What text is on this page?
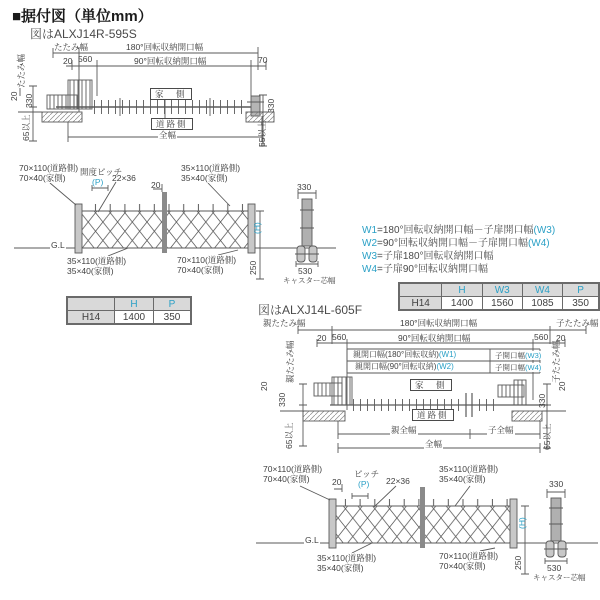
■据付図（単位mm）
図はALXJ14R-595S
たたみ幅	180°回転収納開口幅
20 560	90°回転収納開口幅	70
家　側
道路側
全幅
たたみ幅
20 330
65以上
330
65以上
70×110(道路側)
70×40(家側)
開度ピッチ
(P) 22×36
20
35×110(道路側)
35×40(家側)
330
G.L
35×110(道路側)
35×40(家側)
70×110(道路側)
70×40(家側)
(H)
250	530
キャスター芯幅
	H	P
H14	1400	350
W1=180°回転収納開口幅－子扉開口幅(W3)
W2=90°回転収納開口幅－子扉開口幅(W4)
W3=子扉180°回転収納開口幅
W4=子扉90°回転収納開口幅
	H	W3	W4	P
H14	1400	1560	1085	350
図はALXJ14L-605F
親たたみ幅	180°回転収納開口幅	子たたみ幅
20 560	90°回転収納開口幅	560 20
親開口幅(180°回転収納)(W1)	子開口幅(W3)
親開口幅(90°回転収納)(W2)	子開口幅(W4)
家　側
道路側
親全幅	子全幅
全幅
親たたみ幅
20
330
65以上
子たたみ幅
20
330
65以上
70×110(道路側)
70×40(家側)	20
ピッチ
(P) 22×36
35×110(道路側)
35×40(家側)	330
G.L
35×110(道路側)
35×40(家側)
70×110(道路側)
70×40(家側)
(H)
250	530
キャスター芯幅
